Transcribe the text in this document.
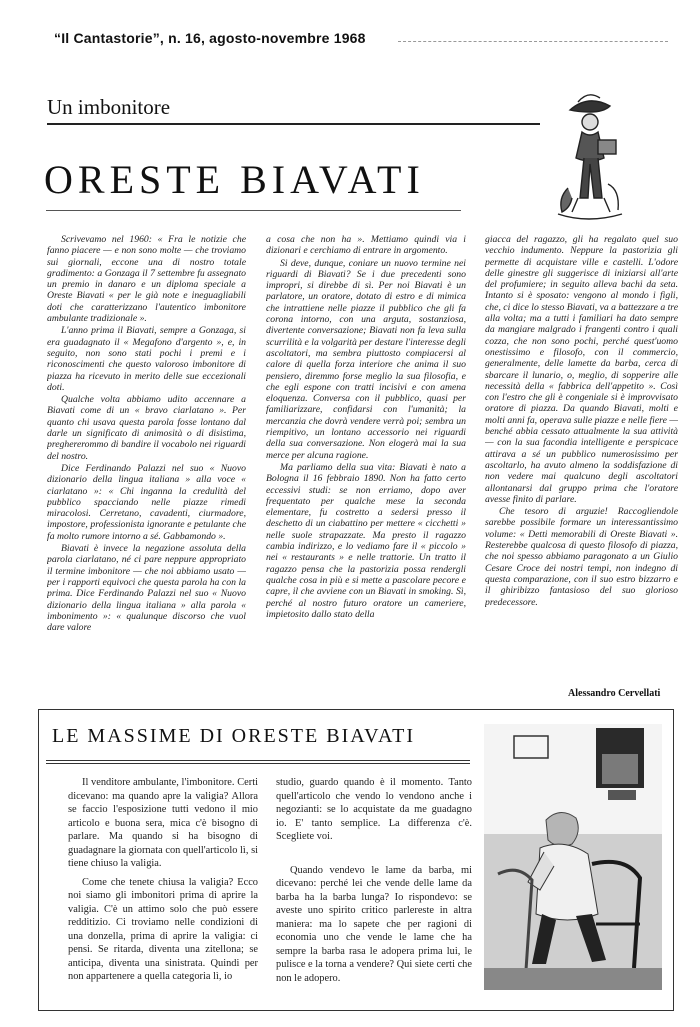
“Il Cantastorie”, n. 16, agosto-novembre 1968
Un imbonitore
ORESTE BIAVATI

Scrivevamo nel 1960: « Fra le notizie che fanno piacere — e non sono molte — che troviamo sui giornali, eccone una di nostro totale gradimento: a Gonzaga il 7 settembre fu assegnato un premio in danaro e un diploma speciale a Oreste Biavati « per le già note e ineguagliabili doti che caratterizzano l'autentico imbonitore ambulante tradizionale ».

L'anno prima il Biavati, sempre a Gonzaga, si era guadagnato il « Megafono d'argento », e, in seguito, non sono stati pochi i premi e i riconoscimenti che questo valoroso imbonitore di piazza ha ricevuto in merito delle sue eccezionali doti.

Qualche volta abbiamo udito accennare a Biavati come di un « bravo ciarlatano ». Per quanto chi usava questa parola fosse lontano dal darle un significato di animosità o di disistima, preghererommo di bandire il vocabolo nei riguardi del nostro.

Dice Ferdinando Palazzi nel suo « Nuovo dizionario della lingua italiana » alla voce « ciarlatano »: « Chi inganna la credulità del pubblico spacciando nelle piazze rimedi miracolosi. Cerretano, cavadenti, ciurmadore, impostore, professionista ignorante e petulante che fa molto rumore intorno a sé. Gabbamondo ».

Biavati è invece la negazione assoluta della parola ciarlatano, né ci pare neppure appropriato il termine imbonitore — che noi abbiamo usato — per i rapporti equivoci che questa parola ha con la prima. Dice Ferdinando Palazzi nel suo « Nuovo dizionario della lingua italiana » alla parola « imbonimento »: « qualunque discorso che vuol dare valore

a cosa che non ha ». Mettiamo quindi via i dizionari e cerchiamo di entrare in argomento.

Si deve, dunque, coniare un nuovo termine nei riguardi di Biavati? Se i due precedenti sono impropri, si direbbe di sì. Per noi Biavati è un parlatore, un oratore, dotato di estro e di mimica che intrattiene nelle piazze il pubblico che gli fa corona intorno, con una arguta, sostanziosa, divertente conversazione; Biavati non fa leva sulla scurrilità e la volgarità per destare l'interesse degli ascoltatori, ma sembra piuttosto compiacersi al calore di quella forza interiore che anima il suo pensiero, diremmo forse meglio la sua filosofia, e che egli espone con tratti incisivi e con amena eloquenza. Conversa con il pubblico, quasi per familiarizzare, confidarsi con l'umanità; la mercanzia che dovrà vendere verrà poi; sembra un riempitivo, un lontano accessorio nei riguardi della sua conversazione. Non elogerà mai la sua merce per alcuna ragione.

Ma parliamo della sua vita: Biavati è nato a Bologna il 16 febbraio 1890. Non ha fatto certo eccessivi studi: se non erriamo, dopo aver frequentato per qualche mese la seconda elementare, fu costretto a sedersi presso il deschetto di un ciabattino per mettere « cicchetti » nelle suole strapazzate. Ma presto il ragazzo cambia indirizzo, e lo vediamo fare il « piccolo » nei « restaurants » e nelle trattorie. Un tratto il ragazzo pensa che la pastorizia possa rendergli qualche cosa in più e si mette a pascolare pecore e capre, il che avviene con un Biavati in smoking. Sì, perché al nostro futuro oratore un cameriere, impietosito dallo stato della

giacca del ragazzo, gli ha regalato quel suo vecchio indumento. Neppure la pastorizia gli permette di acquistare ville e castelli. L'odore delle ginestre gli suggerisce di iniziarsi all'arte del profumiere; in seguito alleva bachi da seta. Intanto si è sposato: vengono al mondo i figli, che, ci dice lo stesso Biavati, va a battezzare a tre alla volta; ma a tutti i familiari ha dato sempre da mangiare malgrado i frangenti contro i quali cozza, che non sono pochi, perché quest'uomo onestissimo e filosofo, con il commercio, generalmente, delle lamette da barba, cerca di sbarcare il lunario, o, meglio, di sopperire alle necessità della « fabbrica dell'appetito ». Così con l'estro che gli è congeniale si è improvvisato oratore di piazza. Da quando Biavati, molti e molti anni fa, operava sulle piazze e nelle fiere — benché abbia cessato attualmente la sua attività — con la sua facondia intelligente e perspicace attirava a sé un pubblico numerosissimo per ascoltarlo, ha avuto almeno la soddisfazione di non vedere mai qualcuno degli ascoltatori allontanarsi dal gruppo prima che l'oratore avesse finito di parlare.

Che tesoro di arguzie! Raccogliendole sarebbe possibile formare un interessantissimo volume: « Detti memorabili di Oreste Biavati ». Resterebbe qualcosa di questo filosofo di piazza, che noi spesso abbiamo paragonato a un Giulio Cesare Croce dei nostri tempi, non indegno di questa comparazione, con il suo estro bizzarro e il ghiribizzo fantasioso del suo glorioso predecessore.

Alessandro Cervellati
LE MASSIME DI ORESTE BIAVATI

Il venditore ambulante, l'imbonitore. Certi dicevano: ma quando apre la valigia? Allora se faccio l'esposizione tutti vedono il mio articolo e buona sera, mica c'è bisogno di parlare. Ma quando si ha bisogno di guadagnare la giornata con quell'articolo lì, si tiene chiuso la valigia.

Come che tenete chiusa la valigia? Ecco noi siamo gli imbonitori prima di aprire la valigia. C'è un attimo solo che può essere redditizio. Ci troviamo nelle condizioni di una donzella, prima di aprire la valigia: ci pensi. Se ritarda, diventa una zitellona; se anticipa, diventa una sinistrata. Quindi per non appartenere a quella categoria lì, io

studio, guardo quando è il momento. Tanto quell'articolo che vendo lo vendono anche i negozianti: se lo acquistate da me guadagno io. E' tanto semplice. La differenza c'è. Scegliete voi.

Quando vendevo le lame da barba, mi dicevano: perché lei che vende delle lame da barba ha la barba lunga? Io rispondevo: se aveste uno spirito critico parlereste in altra maniera: ma lo sapete che per ragioni di economia uno che vende le lame che ha sempre la barba rasa le adopera prima lui, le pulisce e la torna a vendere? Qui siete certi che non le adopero.
